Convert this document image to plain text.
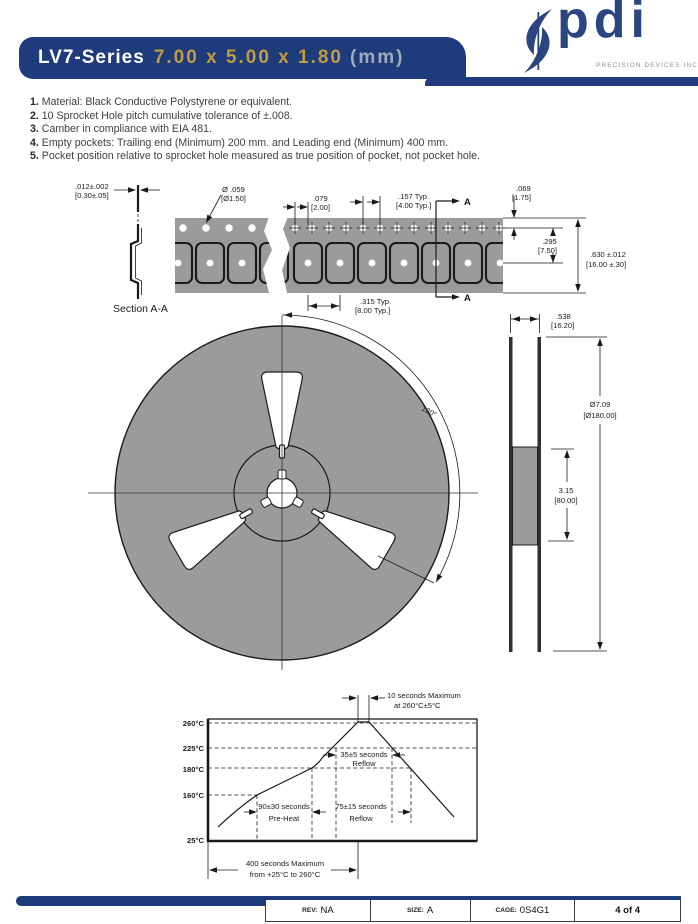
LV7-Series 7.00 x 5.00 x 1.80 (mm)
pdi
PRECISION DEVICES INC
1. Material: Black Conductive Polystyrene or equivalent.
2. 10 Sprocket Hole pitch cumulative tolerance of ±.008.
3. Camber in compliance with EIA 481.
4. Empty pockets: Trailing end (Minimum) 200 mm. and Leading end (Minimum) 400 mm.
5. Pocket position relative to sprocket hole measured as true position of pocket, not pocket hole.
.012±.002
[0.30±.05]
Section A-A
Ø .059
[Ø1.50]	.079
[2.00]
.157 Typ.
[4.00 Typ.]	A
A
.069
[1.75]
.295
[7.50]	.630 ±.012
[16.00 ±.30]
.315 Typ.
[8.00 Typ.]
120°
.538
[16.20]
Ø7.09
[Ø180.00]
3.15
[80.00]
260°C
225°C
180°C
160°C
25°C
10 seconds Maximum
at 260°C±5°C
35±5 seconds
Reflow
90±30 seconds
Pre-Heat
75±15 seconds
Reflow
400 seconds Maximum
from +25°C to 260°C
REV: NA	SIZE: A	CAGE: 0S4G1	4 of 4
